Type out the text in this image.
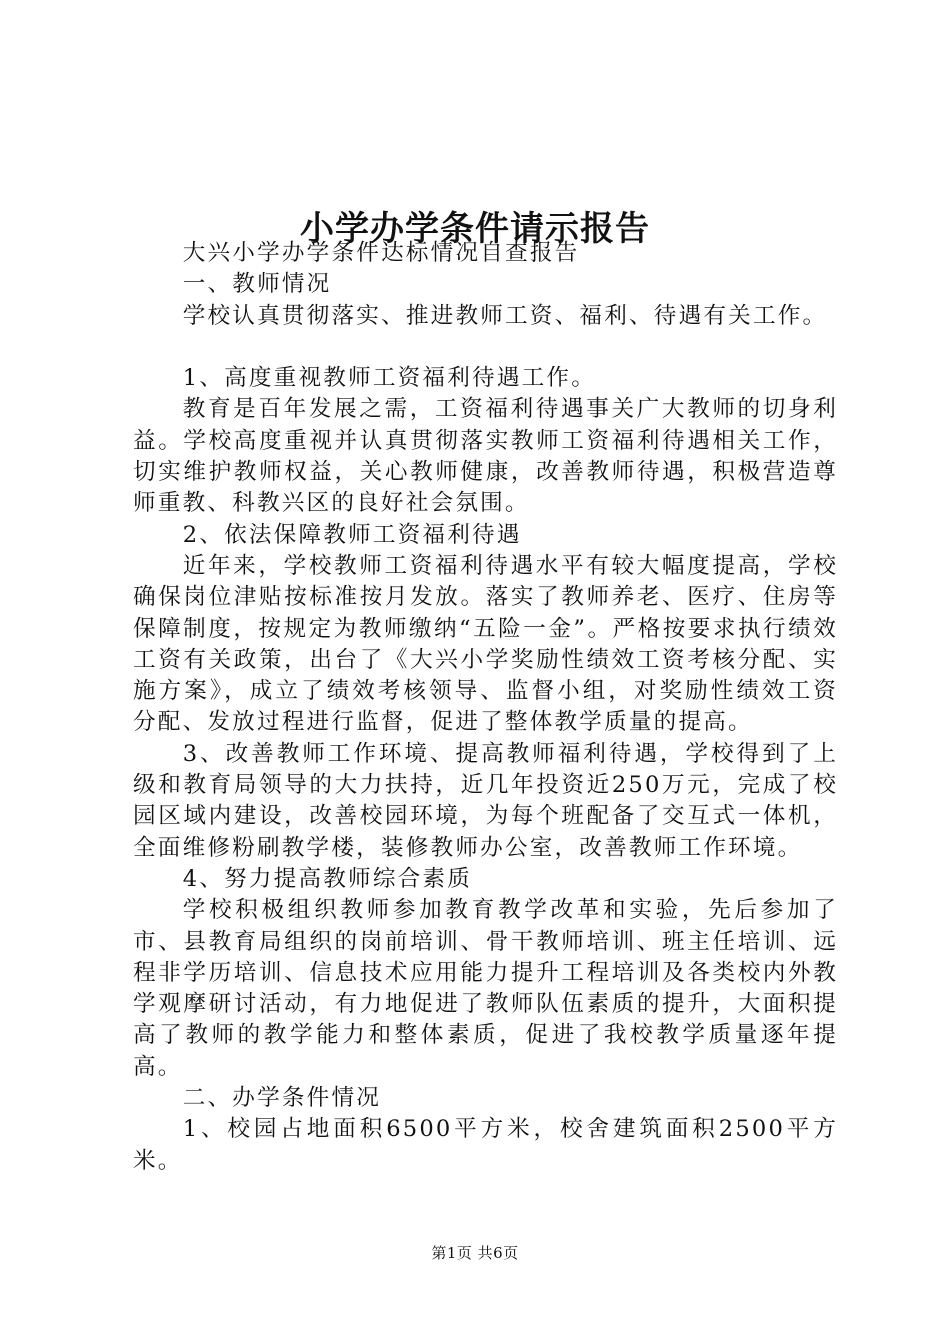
小学办学条件请示报告

大兴小学办学条件达标情况自查报告

一、教师情况

学校认真贯彻落实、推进教师工资、福利、待遇有关工作。

1、高度重视教师工资福利待遇工作。

教育是百年发展之需，工资福利待遇事关广大教师的切身利益。学校高度重视并认真贯彻落实教师工资福利待遇相关工作，切实维护教师权益，关心教师健康，改善教师待遇，积极营造尊师重教、科教兴区的良好社会氛围。

2、依法保障教师工资福利待遇

近年来，学校教师工资福利待遇水平有较大幅度提高，学校确保岗位津贴按标准按月发放。落实了教师养老、医疗、住房等保障制度，按规定为教师缴纳“五险一金”。严格按要求执行绩效工资有关政策，出台了《大兴小学奖励性绩效工资考核分配、实施方案》，成立了绩效考核领导、监督小组，对奖励性绩效工资分配、发放过程进行监督，促进了整体教学质量的提高。

3、改善教师工作环境、提高教师福利待遇，学校得到了上级和教育局领导的大力扶持，近几年投资近250万元，完成了校园区域内建设，改善校园环境，为每个班配备了交互式一体机，全面维修粉刷教学楼，装修教师办公室，改善教师工作环境。

4、努力提高教师综合素质

学校积极组织教师参加教育教学改革和实验，先后参加了市、县教育局组织的岗前培训、骨干教师培训、班主任培训、远程非学历培训、信息技术应用能力提升工程培训及各类校内外教学观摩研讨活动，有力地促进了教师队伍素质的提升，大面积提高了教师的教学能力和整体素质，促进了我校教学质量逐年提高。

二、办学条件情况

1、校园占地面积6500平方米，校舍建筑面积2500平方米。

第1页 共6页
